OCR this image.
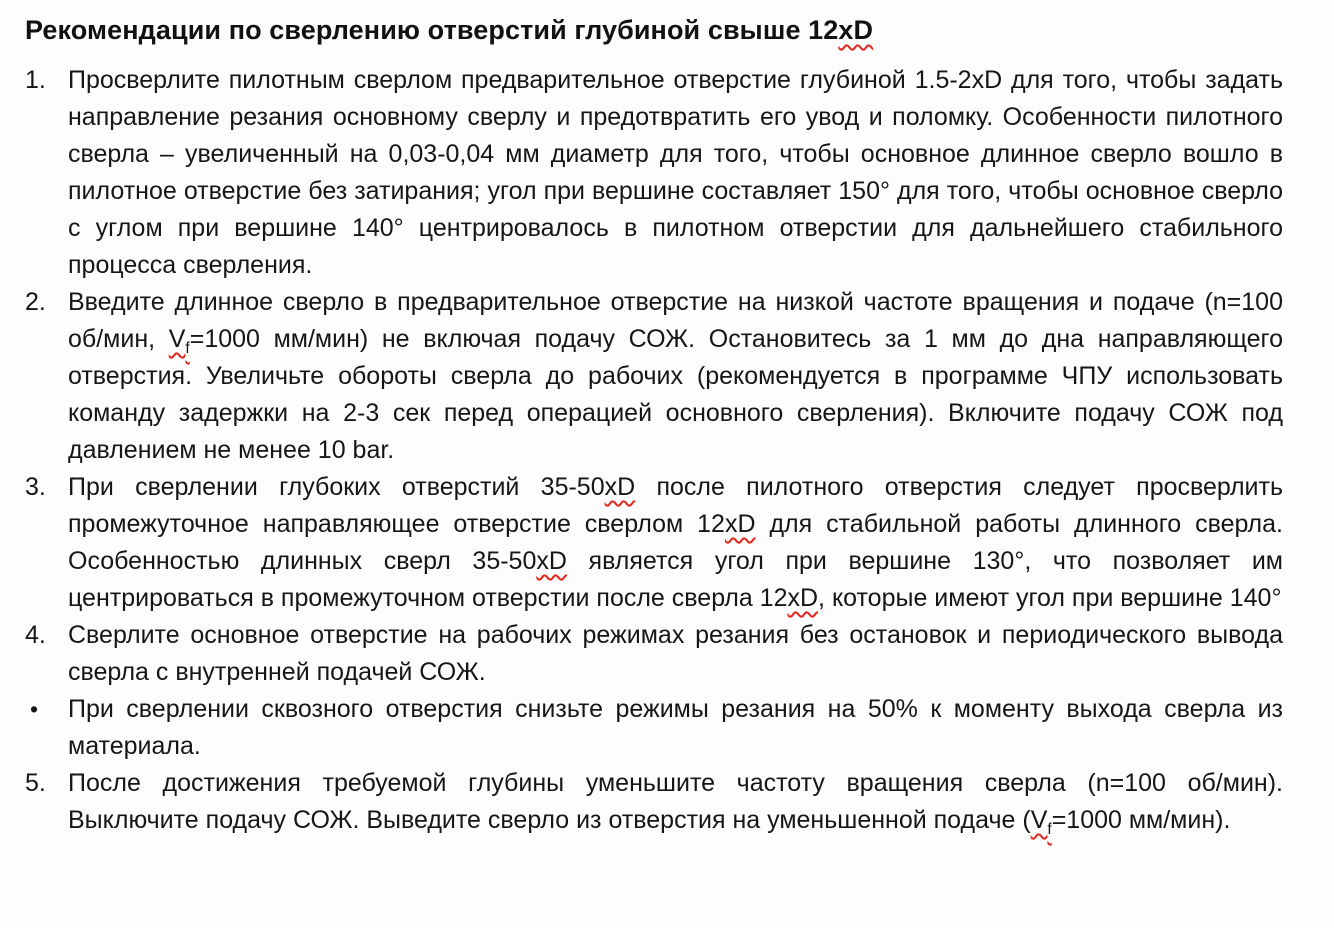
Рекомендации по сверлению отверстий глубиной свыше 12xD
1. Просверлите пилотным сверлом предварительное отверстие глубиной 1.5-2xD для того, чтобы задать направление резания основному сверлу и предотвратить его увод и поломку. Особенности пилотного сверла – увеличенный на 0,03-0,04 мм диаметр для того, чтобы основное длинное сверло вошло в пилотное отверстие без затирания; угол при вершине составляет 150° для того, чтобы основное сверло с углом при вершине 140° центрировалось в пилотном отверстии для дальнейшего стабильного процесса сверления.
2. Введите длинное сверло в предварительное отверстие на низкой частоте вращения и подаче (n=100 об/мин, $V_f=1000$ мм/мин) не включая подачу СОЖ. Остановитесь за 1 мм до дна направляющего отверстия. Увеличьте обороты сверла до рабочих (рекомендуется в программе ЧПУ использовать команду задержки на 2-3 сек перед операцией основного сверления). Включите подачу СОЖ под давлением не менее 10 bar.
3. При сверлении глубоких отверстий 35-50xD после пилотного отверстия следует просверлить промежуточное направляющее отверстие сверлом 12xD для стабильной работы длинного сверла. Особенностью длинных сверл 35-50xD является угол при вершине 130°, что позволяет им центрироваться в промежуточном отверстии после сверла 12xD, которые имеют угол при вершине 140°
4. Сверлите основное отверстие на рабочих режимах резания без остановок и периодического вывода сверла с внутренней подачей СОЖ.
•	При сверлении сквозного отверстия снизьте режимы резания на 50% к моменту выхода сверла из материала.
5. После достижения требуемой глубины уменьшите частоту вращения сверла (n=100 об/мин). Выключите подачу СОЖ. Выведите сверло из отверстия на уменьшенной подаче ($V_f=1000$ мм/мин).
